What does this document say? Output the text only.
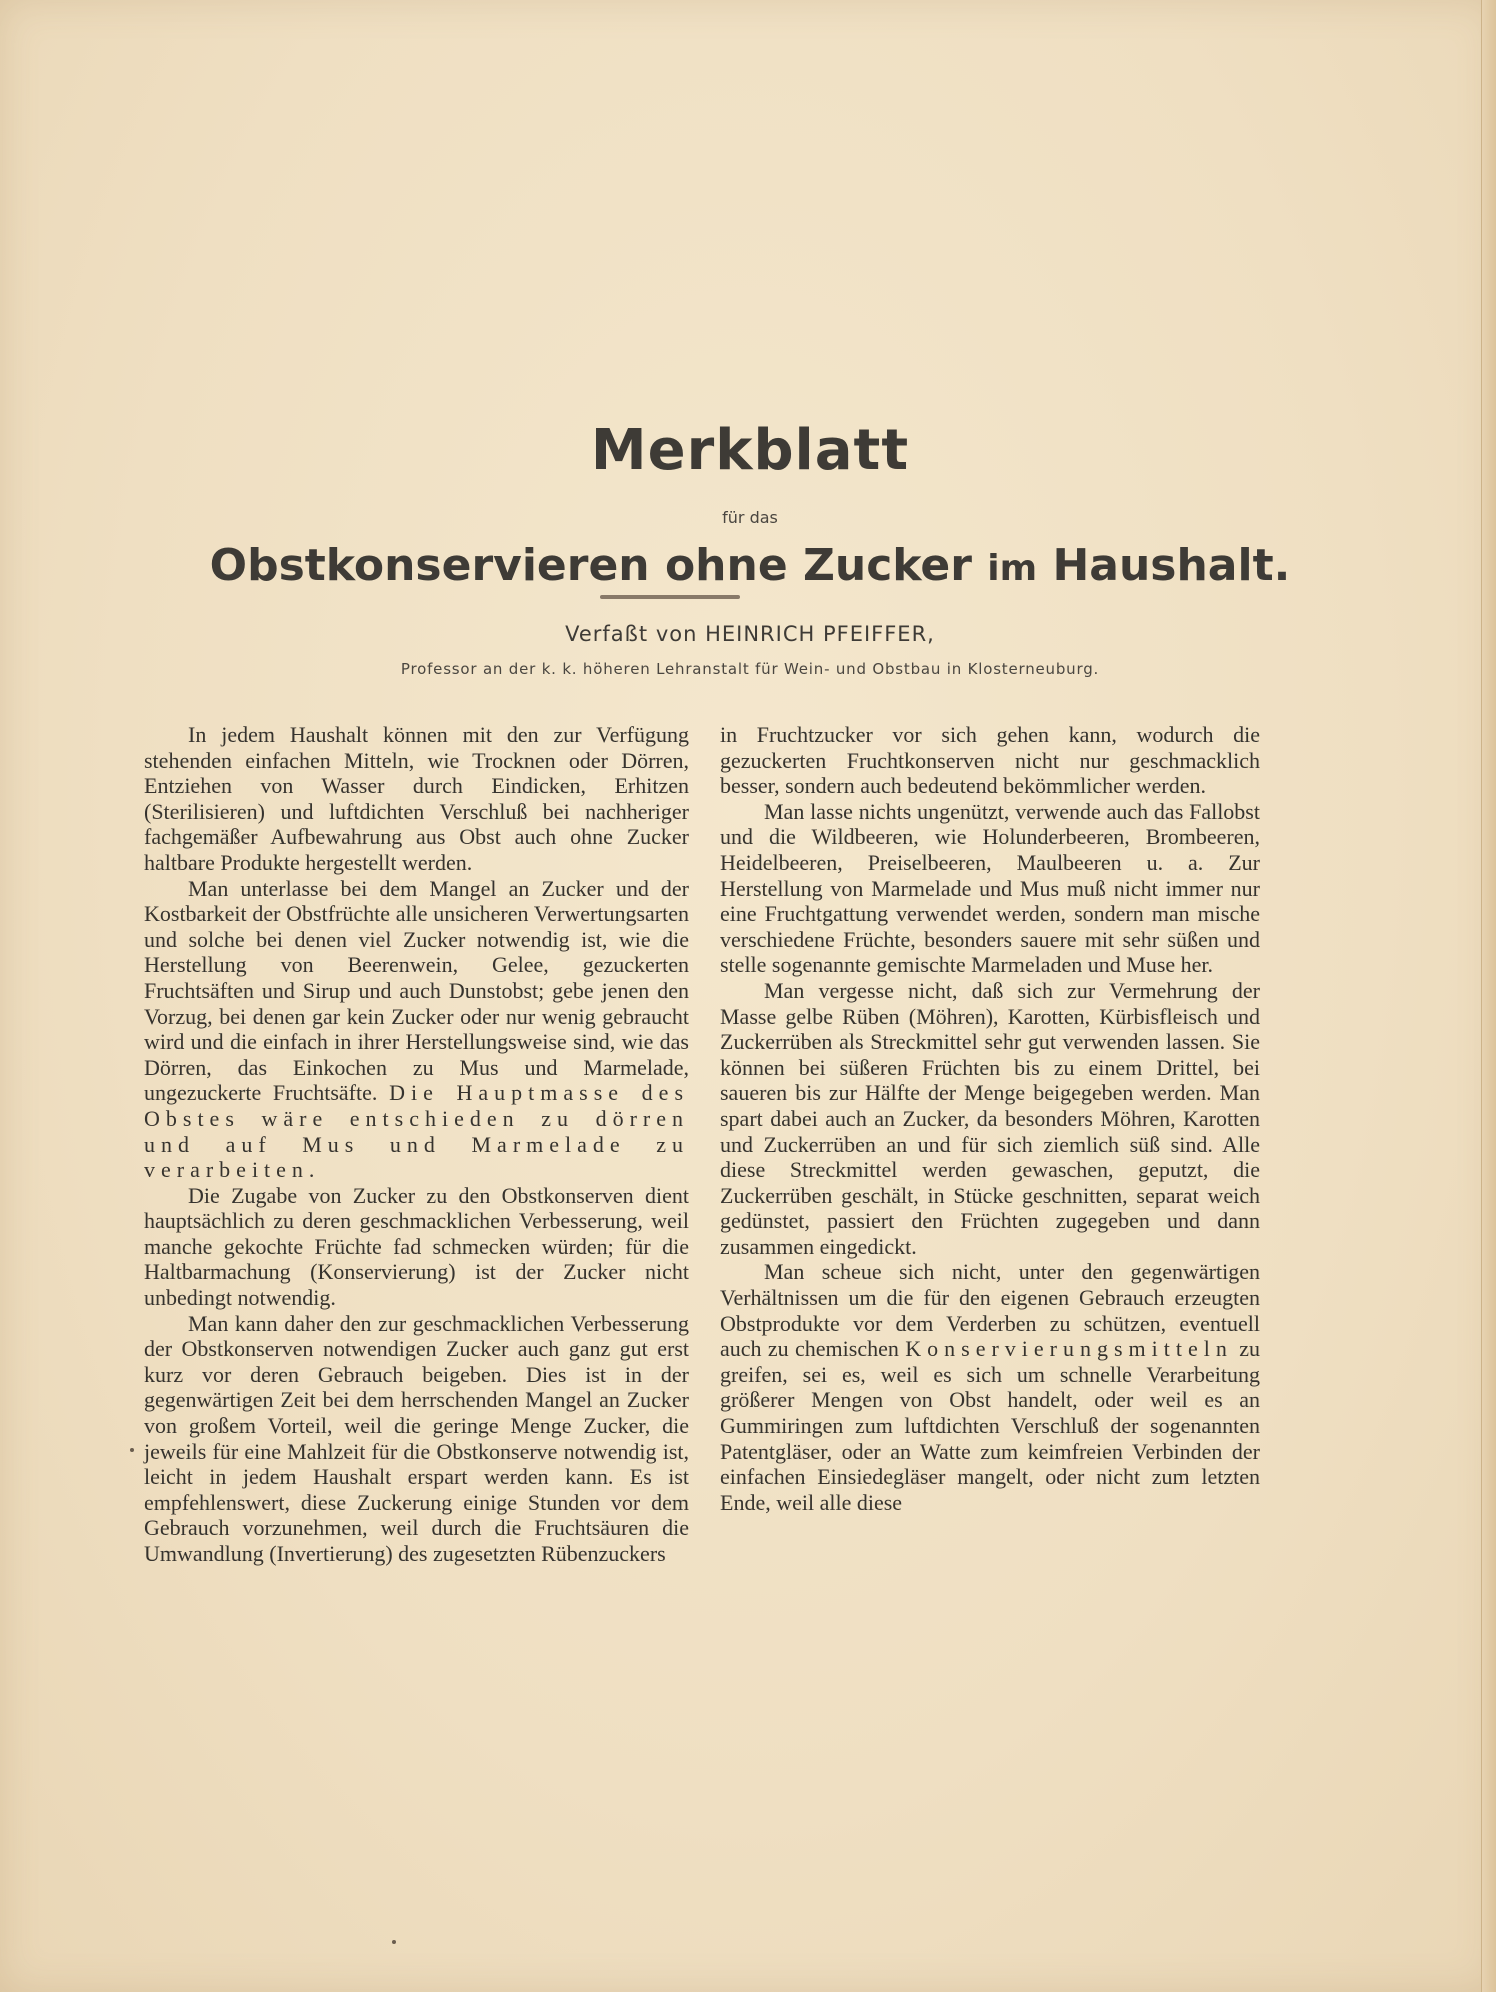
Merkblatt
für das
Obstkonservieren ohne Zucker im Haushalt.
Verfaßt von HEINRICH PFEIFFER,
Professor an der k. k. höheren Lehranstalt für Wein- und Obstbau in Klosterneuburg.

In jedem Haushalt können mit den zur Verfügung stehenden einfachen Mitteln, wie Trocknen oder Dörren, Entziehen von Wasser durch Eindicken, Erhitzen (Sterilisieren) und luftdichten Verschluß bei nachheriger fachgemäßer Aufbewahrung aus Obst auch ohne Zucker haltbare Produkte hergestellt werden.

Man unterlasse bei dem Mangel an Zucker und der Kostbarkeit der Obstfrüchte alle unsicheren Verwertungsarten und solche bei denen viel Zucker notwendig ist, wie die Herstellung von Beerenwein, Gelee, gezuckerten Fruchtsäften und Sirup und auch Dunstobst; gebe jenen den Vorzug, bei denen gar kein Zucker oder nur wenig gebraucht wird und die einfach in ihrer Herstellungsweise sind, wie das Dörren, das Einkochen zu Mus und Marmelade, ungezuckerte Fruchtsäfte. Die Hauptmasse des Obstes wäre entschieden zu dörren und auf Mus und Marmelade zu verarbeiten.

Die Zugabe von Zucker zu den Obstkonserven dient hauptsächlich zu deren geschmacklichen Verbesserung, weil manche gekochte Früchte fad schmecken würden; für die Haltbarmachung (Konservierung) ist der Zucker nicht unbedingt notwendig.

Man kann daher den zur geschmacklichen Verbesserung der Obstkonserven notwendigen Zucker auch ganz gut erst kurz vor deren Gebrauch beigeben. Dies ist in der gegenwärtigen Zeit bei dem herrschenden Mangel an Zucker von großem Vorteil, weil die geringe Menge Zucker, die jeweils für eine Mahlzeit für die Obstkonserve notwendig ist, leicht in jedem Haushalt erspart werden kann. Es ist empfehlenswert, diese Zuckerung einige Stunden vor dem Gebrauch vorzunehmen, weil durch die Fruchtsäuren die Umwandlung (Invertierung) des zugesetzten Rübenzuckers

in Fruchtzucker vor sich gehen kann, wodurch die gezuckerten Fruchtkonserven nicht nur geschmacklich besser, sondern auch bedeutend bekömmlicher werden.

Man lasse nichts ungenützt, verwende auch das Fallobst und die Wildbeeren, wie Holunderbeeren, Brombeeren, Heidelbeeren, Preiselbeeren, Maulbeeren u. a. Zur Herstellung von Marmelade und Mus muß nicht immer nur eine Fruchtgattung verwendet werden, sondern man mische verschiedene Früchte, besonders sauere mit sehr süßen und stelle sogenannte gemischte Marmeladen und Muse her.

Man vergesse nicht, daß sich zur Vermehrung der Masse gelbe Rüben (Möhren), Karotten, Kürbisfleisch und Zuckerrüben als Streckmittel sehr gut verwenden lassen. Sie können bei süßeren Früchten bis zu einem Drittel, bei saueren bis zur Hälfte der Menge beigegeben werden. Man spart dabei auch an Zucker, da besonders Möhren, Karotten und Zuckerrüben an und für sich ziemlich süß sind. Alle diese Streckmittel werden gewaschen, geputzt, die Zuckerrüben geschält, in Stücke geschnitten, separat weich gedünstet, passiert den Früchten zugegeben und dann zusammen eingedickt.

Man scheue sich nicht, unter den gegenwärtigen Verhältnissen um die für den eigenen Gebrauch erzeugten Obstprodukte vor dem Verderben zu schützen, eventuell auch zu chemischen Konservierungsmitteln zu greifen, sei es, weil es sich um schnelle Verarbeitung größerer Mengen von Obst handelt, oder weil es an Gummiringen zum luftdichten Verschluß der sogenannten Patentgläser, oder an Watte zum keimfreien Verbinden der einfachen Einsiedegläser mangelt, oder nicht zum letzten Ende, weil alle diese
